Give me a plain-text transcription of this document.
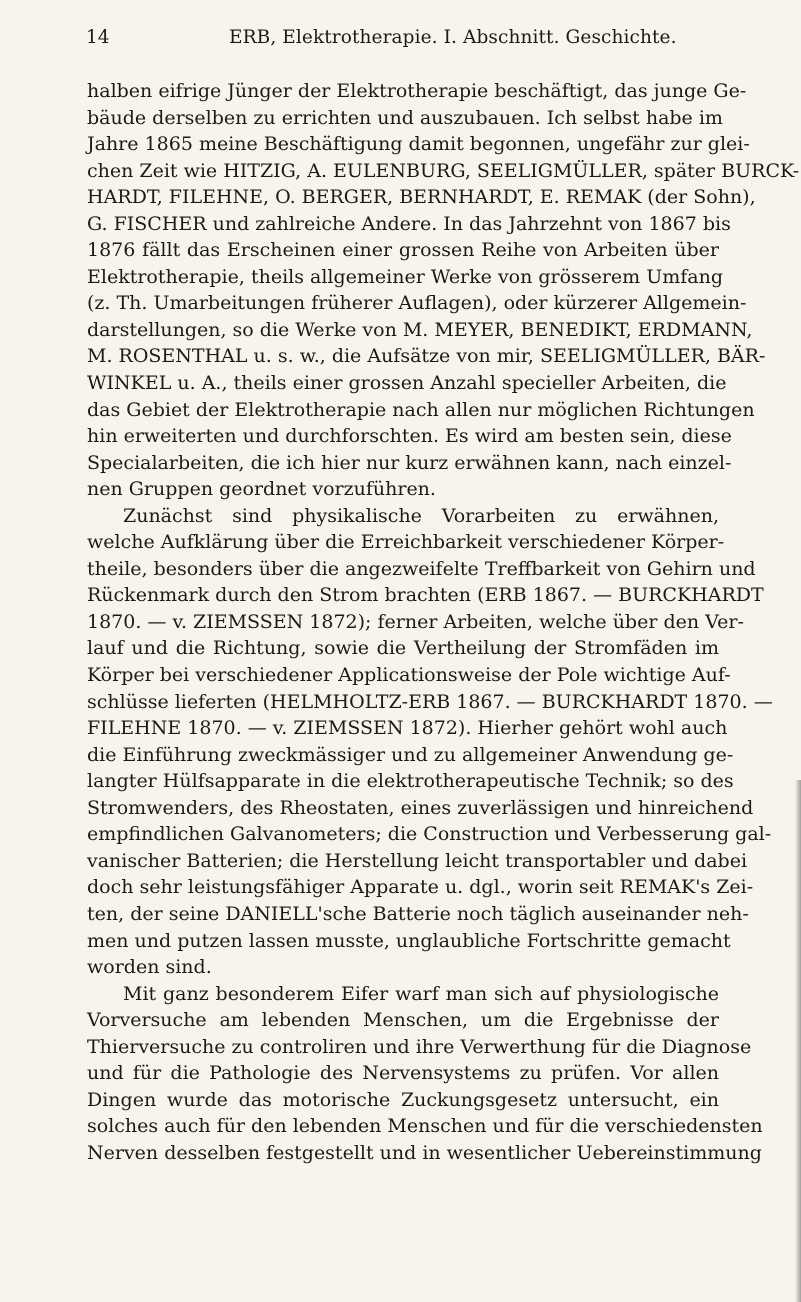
14	ERB, Elektrotherapie. I. Abschnitt. Geschichte.
halben eifrige Jünger der Elektrotherapie beschäftigt, das junge Ge-
bäude derselben zu errichten und auszubauen. Ich selbst habe im
Jahre 1865 meine Beschäftigung damit begonnen, ungefähr zur glei-
chen Zeit wie HITZIG, A. EULENBURG, SEELIGMÜLLER, später BURCK-
HARDT, FILEHNE, O. BERGER, BERNHARDT, E. REMAK (der Sohn),
G. FISCHER und zahlreiche Andere. In das Jahrzehnt von 1867 bis
1876 fällt das Erscheinen einer grossen Reihe von Arbeiten über
Elektrotherapie, theils allgemeiner Werke von grösserem Umfang
(z. Th. Umarbeitungen früherer Auflagen), oder kürzerer Allgemein-
darstellungen, so die Werke von M. MEYER, BENEDIKT, ERDMANN,
M. ROSENTHAL u. s. w., die Aufsätze von mir, SEELIGMÜLLER, BÄR-
WINKEL u. A., theils einer grossen Anzahl specieller Arbeiten, die
das Gebiet der Elektrotherapie nach allen nur möglichen Richtungen
hin erweiterten und durchforschten. Es wird am besten sein, diese
Specialarbeiten, die ich hier nur kurz erwähnen kann, nach einzel-
nen Gruppen geordnet vorzuführen.
Zunächst sind physikalische Vorarbeiten zu erwähnen,
welche Aufklärung über die Erreichbarkeit verschiedener Körper-
theile, besonders über die angezweifelte Treffbarkeit von Gehirn und
Rückenmark durch den Strom brachten (ERB 1867. — BURCKHARDT
1870. — v. ZIEMSSEN 1872); ferner Arbeiten, welche über den Ver-
lauf und die Richtung, sowie die Vertheilung der Stromfäden im
Körper bei verschiedener Applicationsweise der Pole wichtige Auf-
schlüsse lieferten (HELMHOLTZ-ERB 1867. — BURCKHARDT 1870. —
FILEHNE 1870. — v. ZIEMSSEN 1872). Hierher gehört wohl auch
die Einführung zweckmässiger und zu allgemeiner Anwendung ge-
langter Hülfsapparate in die elektrotherapeutische Technik; so des
Stromwenders, des Rheostaten, eines zuverlässigen und hinreichend
empfindlichen Galvanometers; die Construction und Verbesserung gal-
vanischer Batterien; die Herstellung leicht transportabler und dabei
doch sehr leistungsfähiger Apparate u. dgl., worin seit REMAK's Zei-
ten, der seine DANIELL'sche Batterie noch täglich auseinander neh-
men und putzen lassen musste, unglaubliche Fortschritte gemacht
worden sind.
Mit ganz besonderem Eifer warf man sich auf physiologische
Vorversuche am lebenden Menschen, um die Ergebnisse der
Thierversuche zu controliren und ihre Verwerthung für die Diagnose
und für die Pathologie des Nervensystems zu prüfen. Vor allen
Dingen wurde das motorische Zuckungsgesetz untersucht, ein
solches auch für den lebenden Menschen und für die verschiedensten
Nerven desselben festgestellt und in wesentlicher Uebereinstimmung
